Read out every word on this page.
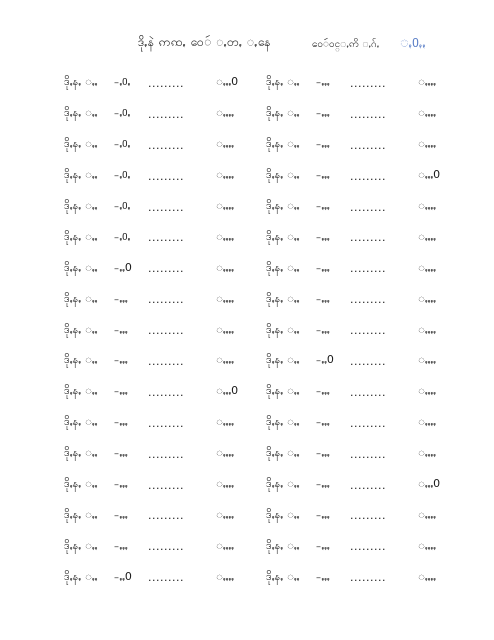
ဒိုꩻနဲ ဢꩡꩻ ဝေꩃ ꩻတꩻ ꩻနေ	ဝေꩃဝင္ꩻဢိ ꩻဂ်ꩻ ꩻ0ꩻꩻ
ဒိုꩻနꩻ ꩻꩻ	-ꩻ0ꩻ	.........	ꩻꩻꩻ0
ဒိုꩻနꩻ ꩻꩻ	-ꩻ0ꩻ	.........	ꩻꩻꩻꩻ
ဒိုꩻနꩻ ꩻꩻ	-ꩻ0ꩻ	.........	ꩻꩻꩻꩻ
ဒိုꩻနꩻ ꩻꩻ	-ꩻ0ꩻ	.........	ꩻꩻꩻꩻ
ဒိုꩻနꩻ ꩻꩻ	-ꩻ0ꩻ	.........	ꩻꩻꩻꩻ
ဒိုꩻနꩻ ꩻꩻ	-ꩻ0ꩻ	.........	ꩻꩻꩻꩻ
ဒိုꩻနꩻ ꩻꩻ	-ꩻꩻ0	.........	ꩻꩻꩻꩻ
ဒိုꩻနꩻ ꩻꩻ	-ꩻꩻꩻ	.........	ꩻꩻꩻꩻ
ဒိုꩻနꩻ ꩻꩻ	-ꩻꩻꩻ	.........	ꩻꩻꩻꩻ
ဒိုꩻနꩻ ꩻꩻ	-ꩻꩻꩻ	.........	ꩻꩻꩻꩻ
ဒိုꩻနꩻ ꩻꩻ	-ꩻꩻꩻ	.........	ꩻꩻꩻ0
ဒိုꩻနꩻ ꩻꩻ	-ꩻꩻꩻ	.........	ꩻꩻꩻꩻ
ဒိုꩻနꩻ ꩻꩻ	-ꩻꩻꩻ	.........	ꩻꩻꩻꩻ
ဒိုꩻနꩻ ꩻꩻ	-ꩻꩻꩻ	.........	ꩻꩻꩻꩻ
ဒိုꩻနꩻ ꩻꩻ	-ꩻꩻꩻ	.........	ꩻꩻꩻꩻ
ဒိုꩻနꩻ ꩻꩻ	-ꩻꩻꩻ	.........	ꩻꩻꩻꩻ
ဒိုꩻနꩻ ꩻꩻ	-ꩻꩻ0	.........	ꩻꩻꩻꩻ
ဒိုꩻနꩻ ꩻꩻ	-ꩻꩻꩻ	.........	ꩻꩻꩻꩻ
ဒိုꩻနꩻ ꩻꩻ	-ꩻꩻꩻ	.........	ꩻꩻꩻꩻ
ဒိုꩻနꩻ ꩻꩻ	-ꩻꩻꩻ	.........	ꩻꩻꩻꩻ
ဒိုꩻနꩻ ꩻꩻ	-ꩻꩻꩻ	.........	ꩻꩻꩻ0
ဒိုꩻနꩻ ꩻꩻ	-ꩻꩻꩻ	.........	ꩻꩻꩻꩻ
ဒိုꩻနꩻ ꩻꩻ	-ꩻꩻꩻ	.........	ꩻꩻꩻꩻ
ဒိုꩻနꩻ ꩻꩻ	-ꩻꩻꩻ	.........	ꩻꩻꩻꩻ
ဒိုꩻနꩻ ꩻꩻ	-ꩻꩻꩻ	.........	ꩻꩻꩻꩻ
ဒိုꩻနꩻ ꩻꩻ	-ꩻꩻꩻ	.........	ꩻꩻꩻꩻ
ဒိုꩻနꩻ ꩻꩻ	-ꩻꩻ0	.........	ꩻꩻꩻꩻ
ဒိုꩻနꩻ ꩻꩻ	-ꩻꩻꩻ	.........	ꩻꩻꩻꩻ
ဒိုꩻနꩻ ꩻꩻ	-ꩻꩻꩻ	.........	ꩻꩻꩻꩻ
ဒိုꩻနꩻ ꩻꩻ	-ꩻꩻꩻ	.........	ꩻꩻꩻꩻ
ဒိုꩻနꩻ ꩻꩻ	-ꩻꩻꩻ	.........	ꩻꩻꩻ0
ဒိုꩻနꩻ ꩻꩻ	-ꩻꩻꩻ	.........	ꩻꩻꩻꩻ
ဒိုꩻနꩻ ꩻꩻ	-ꩻꩻꩻ	.........	ꩻꩻꩻꩻ
ဒိုꩻနꩻ ꩻꩻ	-ꩻꩻꩻ	.........	ꩻꩻꩻꩻ
